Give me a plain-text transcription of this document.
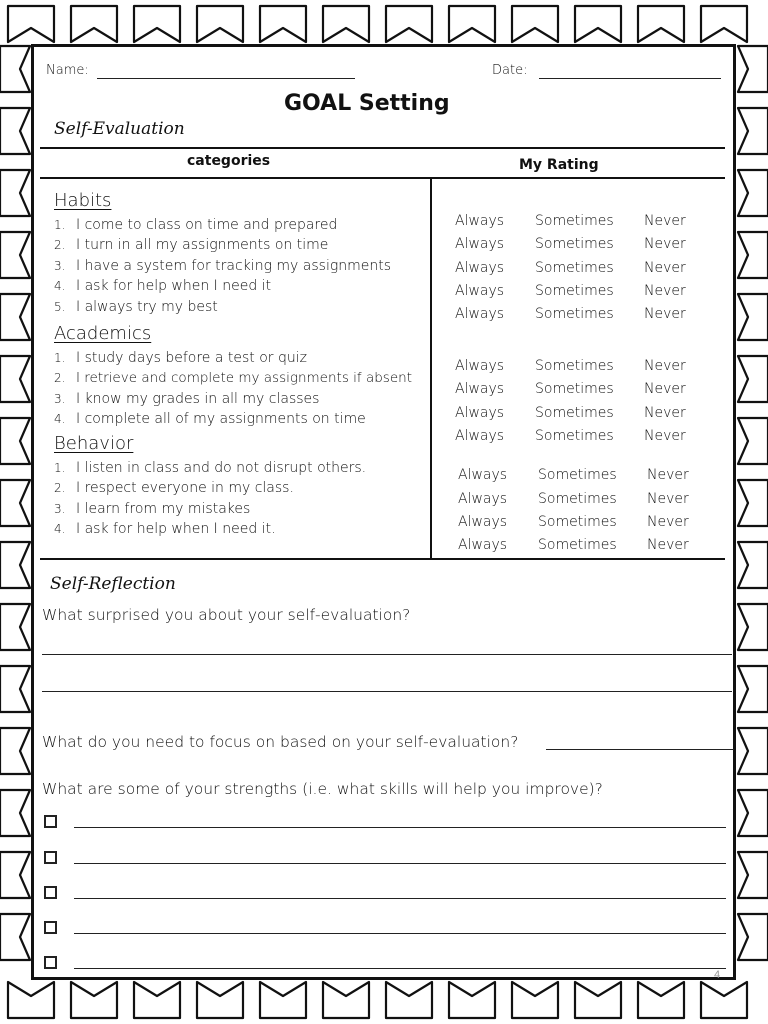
Name:	Date:
GOAL Setting
Self-Evaluation
categories	My Rating
Habits
1. I come to class on time and prepared
2. I turn in all my assignments on time
3. I have a system for tracking my assignments
4. I ask for help when I need it
5. I always try my best
Academics
1. I study days before a test or quiz
2. I retrieve and complete my assignments if absent
3. I know my grades in all my classes
4. I complete all of my assignments on time
Behavior
1. I listen in class and do not disrupt others.
2. I respect everyone in my class.
3. I learn from my mistakes
4. I ask for help when I need it.
Always Sometimes Never
Always Sometimes Never
Always Sometimes Never
Always Sometimes Never
Always Sometimes Never
Always Sometimes Never
Always Sometimes Never
Always Sometimes Never
Always Sometimes Never
Always Sometimes Never
Always Sometimes Never
Always Sometimes Never
Always Sometimes Never
Self-Reflection
What surprised you about your self-evaluation?
What do you need to focus on based on your self-evaluation?
What are some of your strengths (i.e. what skills will help you improve)?
4
